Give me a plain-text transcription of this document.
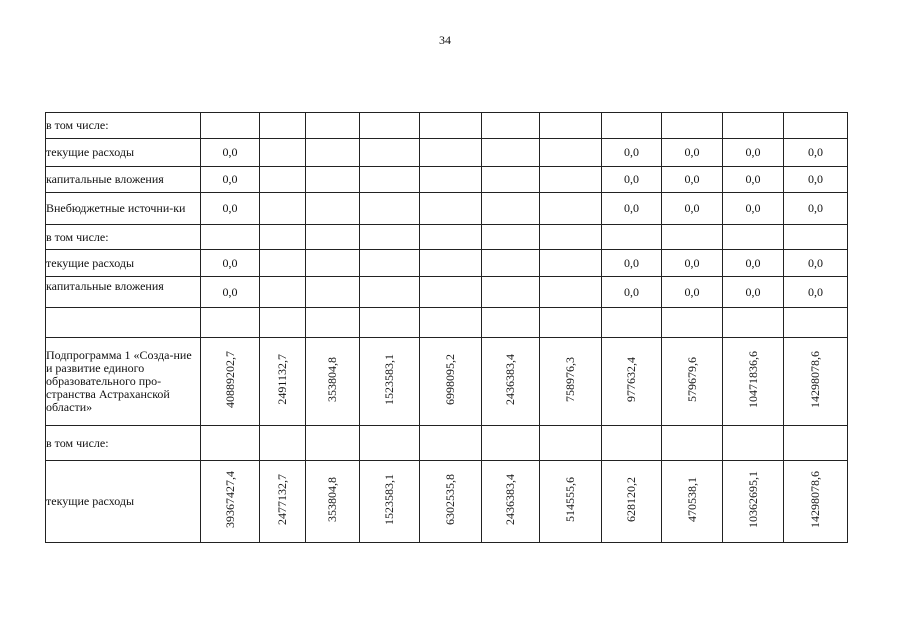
34
в том числе:											
текущие расходы	0,0							0,0	0,0	0,0	0,0
капитальные вложения	0,0							0,0	0,0	0,0	0,0
Внебюджетные источни-ки	0,0							0,0	0,0	0,0	0,0
в том числе:											
текущие расходы	0,0							0,0	0,0	0,0	0,0
капитальные вложения	0,0							0,0	0,0	0,0	0,0

Подпрограмма 1 «Созда-ние и развитие единого образовательного про-странства Астраханской области»	40889202,7	2491132,7	353804,8	1523583,1	6998095,2	2436383,4	758976,3	977632,4	579679,6	10471836,6	14298078,6
в том числе:											
текущие расходы	39367427,4	2477132,7	353804,8	1523583,1	6302535,8	2436383,4	514555,6	628120,2	470538,1	10362695,1	14298078,6
